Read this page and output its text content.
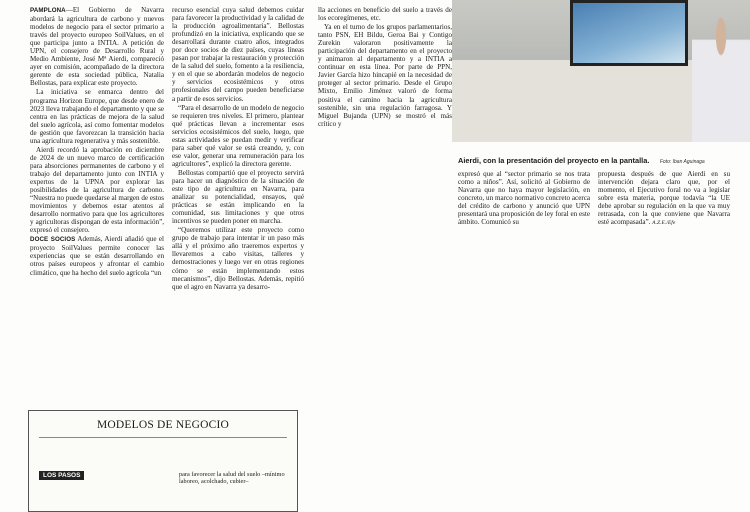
Aierdi, con la presentación del proyecto en la pantalla. Foto: Iban Aguinaga

PAMPLONA—El Gobierno de Navarra abordará la agricultura de carbono y nuevos modelos de negocio para el sector primario a través del proyecto europeo SoilValues, en el que participa junto a INTIA. A petición de UPN, el consejero de Desarrollo Rural y Medio Ambiente, José Mª Aierdi, compareció ayer en comisión, acompañado de la directora gerente de esta sociedad pública, Natalia Bellostas, para explicar este proyecto.

La iniciativa se enmarca dentro del programa Horizon Europe, que desde enero de 2023 lleva trabajando el departamento y que se centra en las prácticas de mejora de la salud del suelo agrícola, así como fomentar modelos de gestión que favorezcan la transición hacia una agricultura regenerativa y más sostenible.

Aierdi recordó la aprobación en diciembre de 2024 de un nuevo marco de certificación para absorciones permanentes de carbono y el trabajo del departamento junto con INTIA y expertos de la UPNA por explorar las posibilidades de la agricultura de carbono. “Nuestra no puede quedarse al margen de estos movimientos y debemos estar atentos al desarrollo normativo para que los agricultores y agricultoras dispongan de esta información”, expresó el consejero.

DOCE SOCIOS Además, Aierdi añadió que el proyecto SoilValues permite conocer las experiencias que se están desarrollando en otros países europeos y afrontar el cambio climático, que ha hecho del suelo agrícola “un

recurso esencial cuya salud debemos cuidar para favorecer la productividad y la calidad de la producción agroalimentaria”. Bellostas profundizó en la iniciativa, explicando que se desarrollará durante cuatro años, integrados por doce socios de diez países, cuyas líneas pasan por trabajar la restauración y protección de la salud del suelo, fomento a la resiliencia, y en el que se abordarán modelos de negocio y servicios ecosistémicos y otros profesionales del campo pueden beneficiarse a partir de esos servicios.

“Para el desarrollo de un modelo de negocio se requieren tres niveles. El primero, plantear qué prácticas llevan a incrementar esos servicios ecosistémicos del suelo, luego, que estas actividades se puedan medir y verificar para saber qué valor se está creando, y, con ese valor, generar una remuneración para los agricultores”, explicó la directora gerente.

Bellostas compartió que el proyecto servirá para hacer un diagnóstico de la situación de este tipo de agricultura en Navarra, para analizar su potencialidad, ensayos, qué prácticas se están implicando en la comunidad, sus limitaciones y que otros incentivos se pueden poner en marcha.

“Queremos utilizar este proyecto como grupo de trabajo para intentar ir un paso más allá y el próximo año traeremos expertos y llevaremos a cabo visitas, talleres y demostraciones y luego ver en otras regiones cómo se están implementando estos mecanismos”, dijo Bellostas. Además, repitió que el agro en Navarra ya desarro-

lla acciones en beneficio del suelo a través de los ecoregímenes, etc.

Ya en el turno de los grupos parlamentarios, tanto PSN, EH Bildu, Geroa Bai y Contigo Zurekin valoraron positivamente la participación del departamento en el proyecto y animaron al departamento y a INTIA a continuar en esta línea. Por parte de PPN, Javier García hizo hincapié en la necesidad de proteger al sector primario. Desde el Grupo Mixto, Emilio Jiménez valoró de forma positiva el camino hacia la agricultura sostenible, sin una regulación farragosa. Y Miguel Bujanda (UPN) se mostró el más crítico y

expresó que al “sector primario se nos trata como a niños”. Así, solicitó al Gobierno de Navarra que no haya mayor legislación, en concreto, un marco normativo concreto acerca del crédito de carbono y anunció que UPN presentará una proposición de ley foral en este ámbito. Comunicó su

propuesta después de que Aierdi en su intervención dejara claro que, por el momento, el Ejecutivo foral no va a legislar sobre esta materia, porque todavía “la UE debe aprobar su regulación en la que va muy retrasada, con la que conviene que Navarra esté acompasada”. A.Z.E./Efe

MODELOS DE NEGOCIO
LOS PASOS	para favorecer la salud del suelo –mínimo laboreo, acolchado, cubier–
